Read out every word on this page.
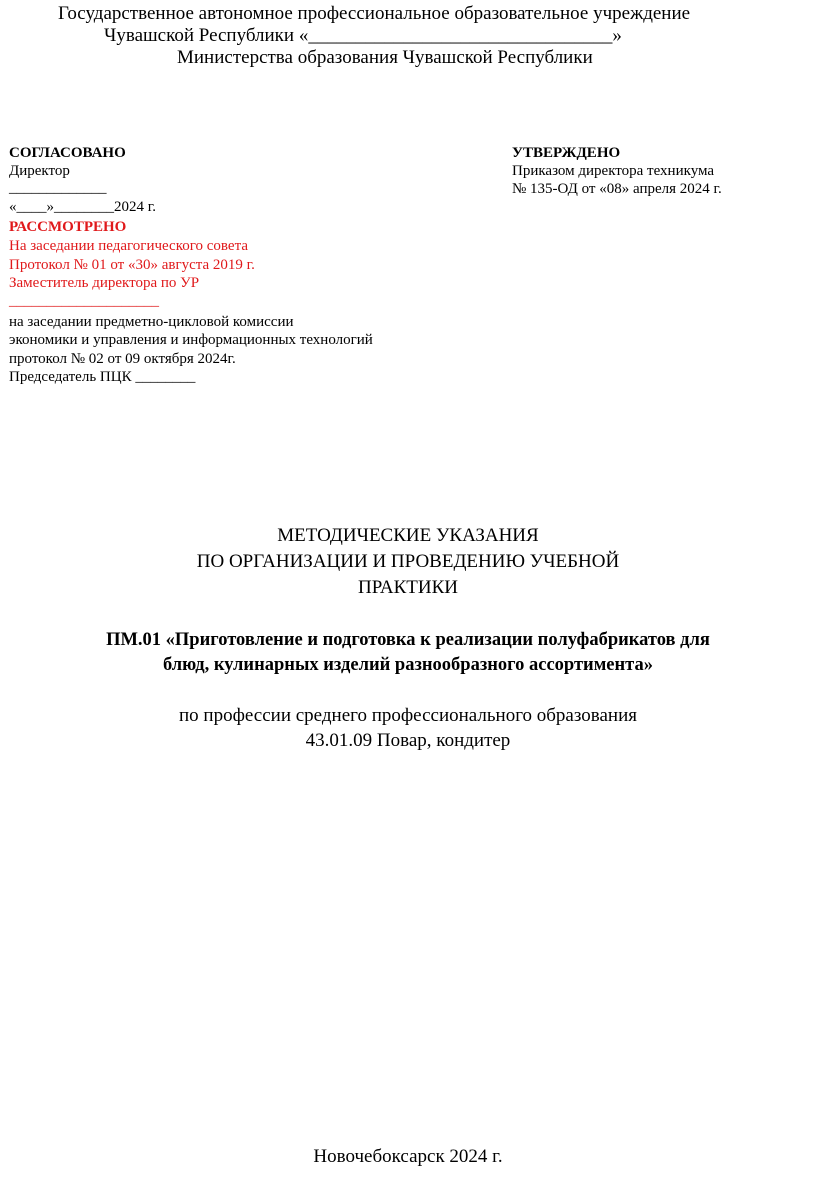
Государственное автономное профессиональное образовательное учреждение
Чувашской Республики «________________________________»
Министерства образования Чувашской Республики
СОГЛАСОВАНО
Директор
_____________
«____»________2024 г.
УТВЕРЖДЕНО
Приказом директора техникума
№ 135-ОД от «08» апреля 2024 г.
РАССМОТРЕНО
На заседании педагогического совета
Протокол № 01 от «30» августа 2019 г.
Заместитель директора по УР
____________________
на заседании предметно-цикловой комиссии
экономики и управления и информационных технологий
протокол № 02 от 09 октября 2024г.
Председатель ПЦК ________
МЕТОДИЧЕСКИЕ УКАЗАНИЯ
ПО ОРГАНИЗАЦИИ И ПРОВЕДЕНИЮ УЧЕБНОЙ
ПРАКТИКИ
ПМ.01 «Приготовление и подготовка к реализации полуфабрикатов для
блюд, кулинарных изделий разнообразного ассортимента»
по профессии среднего профессионального образования
43.01.09 Повар, кондитер
Новочебоксарск 2024 г.
